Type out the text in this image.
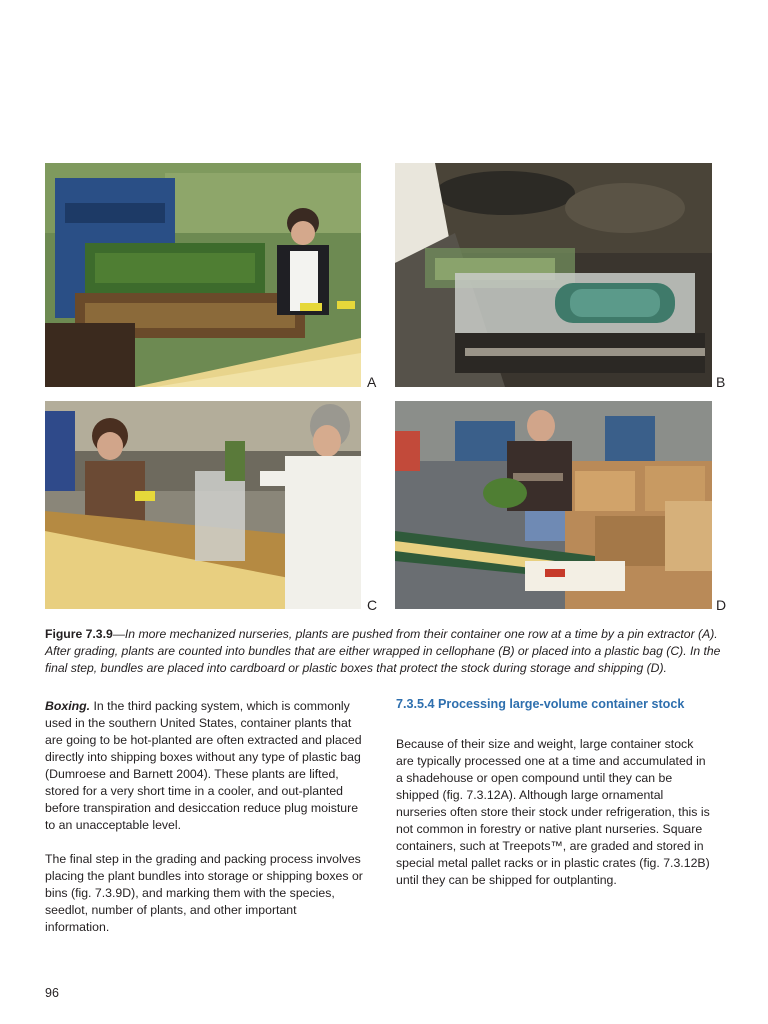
A	B
C	D
Figure 7.3.9—In more mechanized nurseries, plants are pushed from their container one row at a time by a pin extractor (A). After grading, plants are counted into bundles that are either wrapped in cellophane (B) or placed into a plastic bag (C). In the final step, bundles are placed into cardboard or plastic boxes that protect the stock during storage and shipping (D).

Boxing. In the third packing system, which is commonly used in the southern United States, container plants that are going to be hot-planted are often extracted and placed directly into shipping boxes without any type of plastic bag (Dumroese and Barnett 2004). These plants are lifted, stored for a very short time in a cooler, and out-planted before transpiration and desiccation reduce plug moisture to an unacceptable level.

The final step in the grading and packing process involves placing the plant bundles into storage or shipping boxes or bins (fig. 7.3.9D), and marking them with the species, seedlot, number of plants, and other important information.

7.3.5.4 Processing large-volume container stock

Because of their size and weight, large container stock are typically processed one at a time and accumulated in a shadehouse or open compound until they can be shipped (fig. 7.3.12A). Although large ornamental nurseries often store their stock under refrigeration, this is not common in forestry or native plant nurseries. Square containers, such at Treepots™, are graded and stored in special metal pallet racks or in plastic crates (fig. 7.3.12B) until they can be shipped for outplanting.

96
